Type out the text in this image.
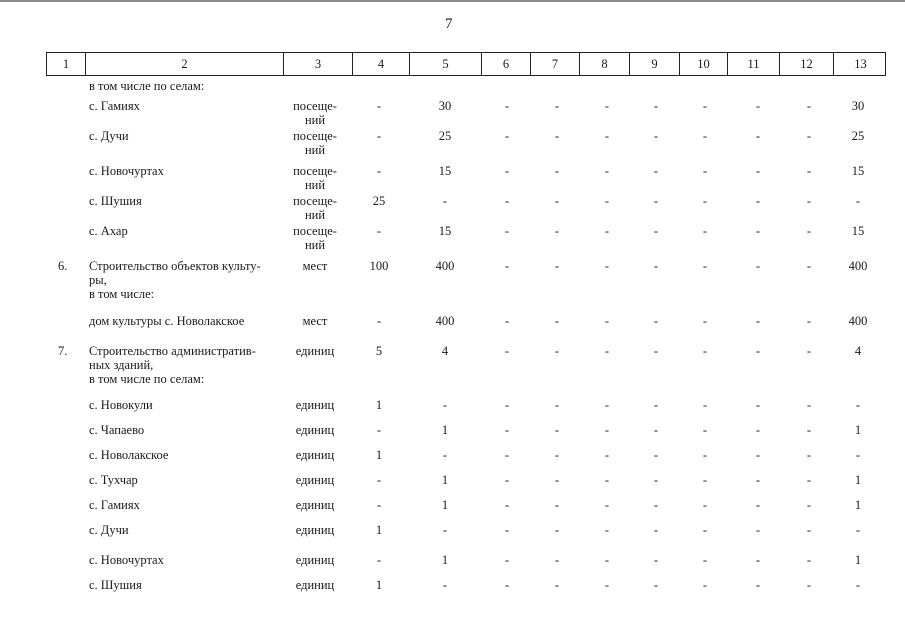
7
1	2	3	4	5	6	7	8	9	10	11	12	13
в том числе по селам:
с. Гамиях	посеще-
ний
-	30	-	-	-	-	-	-	-	30
с. Дучи	посеще-
ний
-	25	-	-	-	-	-	-	-	25
с. Новочуртах	посеще-
ний
-	15	-	-	-	-	-	-	-	15
с. Шушия	посеще-
ний
25	-	-	-	-	-	-	-	-	-
с. Ахар	посеще-
ний
-	15	-	-	-	-	-	-	-	15
6.	Строительство объектов культу-
ры,
в том числе:
мест	100	400	-	-	-	-	-	-	-	400
дом культуры с. Новолакское	мест	-	400	-	-	-	-	-	-	-	400
7.	Строительство административ-
ных зданий,
в том числе по селам:
единиц	5	4	-	-	-	-	-	-	-	4
с. Новокули	единиц	1	-	-	-	-	-	-	-	-	-
с. Чапаево	единиц	-	1	-	-	-	-	-	-	-	1
с. Новолакское	единиц	1	-	-	-	-	-	-	-	-	-
с. Тухчар	единиц	-	1	-	-	-	-	-	-	-	1
с. Гамиях	единиц	-	1	-	-	-	-	-	-	-	1
с. Дучи	единиц	1	-	-	-	-	-	-	-	-	-
с. Новочуртах	единиц	-	1	-	-	-	-	-	-	-	1
с. Шушия	единиц	1	-	-	-	-	-	-	-	-	-
